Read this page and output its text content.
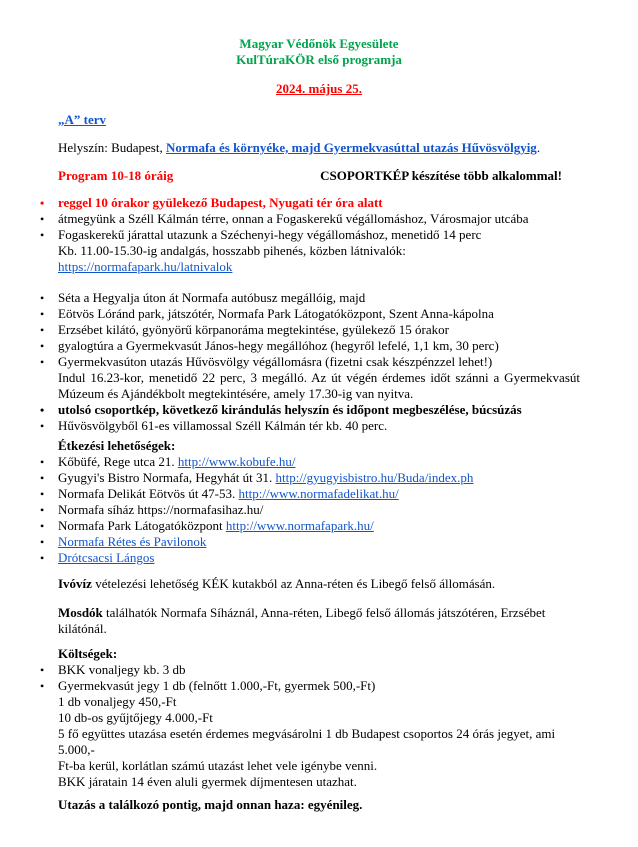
Magyar Védőnök Egyesülete
KulTúraKÖR első programja
2024. május 25.
„A” terv
Helyszín: Budapest, Normafa és környéke, majd Gyermekvasúttal utazás Hűvösvölgyig.
Program 10-18 óráig	CSOPORTKÉP készítése több alkalommal!
• reggel 10 órakor gyülekező Budapest, Nyugati tér óra alatt
• átmegyünk a Széll Kálmán térre, onnan a Fogaskerekű végállomáshoz, Városmajor utcába
• Fogaskerekű járattal utazunk a Széchenyi-hegy végállomáshoz, menetidő 14 perc
Kb. 11.00-15.30-ig andalgás, hosszabb pihenés, közben látnivalók:
https://normafapark.hu/latnivalok
• Séta a Hegyalja úton át Normafa autóbusz megállóig, majd
• Eötvös Lóránd park, játszótér, Normafa Park Látogatóközpont, Szent Anna-kápolna
• Erzsébet kilátó, gyönyörű körpanoráma megtekintése, gyülekező 15 órakor
• gyalogtúra a Gyermekvasút János-hegy megállóhoz (hegyről lefelé, 1,1 km, 30 perc)
• Gyermekvasúton utazás Hűvösvölgy végállomásra (fizetni csak készpénzzel lehet!)
Indul 16.23-kor, menetidő 22 perc, 3 megálló. Az út végén érdemes időt szánni a Gyermekvasút
Múzeum és Ajándékbolt megtekintésére, amely 17.30-ig van nyitva.
• utolsó csoportkép, következő kirándulás helyszín és időpont megbeszélése, búcsúzás
• Hűvösvölgyből 61-es villamossal Széll Kálmán tér kb. 40 perc.
Étkezési lehetőségek:
• Kőbüfé, Rege utca 21. http://www.kobufe.hu/
• Gyugyi's Bistro Normafa, Hegyhát út 31. http://gyugyisbistro.hu/Buda/index.ph
• Normafa Delikát Eötvös út 47-53. http://www.normafadelikat.hu/
• Normafa síház https://normafasihaz.hu/
• Normafa Park Látogatóközpont http://www.normafapark.hu/
• Normafa Rétes és Pavilonok
• Drótcsacsi Lángos
Ivóvíz vételezési lehetőség KÉK kutakból az Anna-réten és Libegő felső állomásán.
Mosdók találhatók Normafa Síháznál, Anna-réten, Libegő felső állomás játszótéren, Erzsébet kilátónál.
Költségek:
• BKK vonaljegy kb. 3 db
• Gyermekvasút jegy 1 db (felnőtt 1.000,-Ft, gyermek 500,-Ft)
1 db vonaljegy 450,-Ft
10 db-os gyűjtőjegy 4.000,-Ft
5 fő együttes utazása esetén érdemes megvásárolni 1 db Budapest csoportos 24 órás jegyet, ami 5.000,-
Ft-ba kerül, korlátlan számú utazást lehet vele igénybe venni.
BKK járatain 14 éven aluli gyermek díjmentesen utazhat.
Utazás a találkozó pontig, majd onnan haza: egyénileg.
